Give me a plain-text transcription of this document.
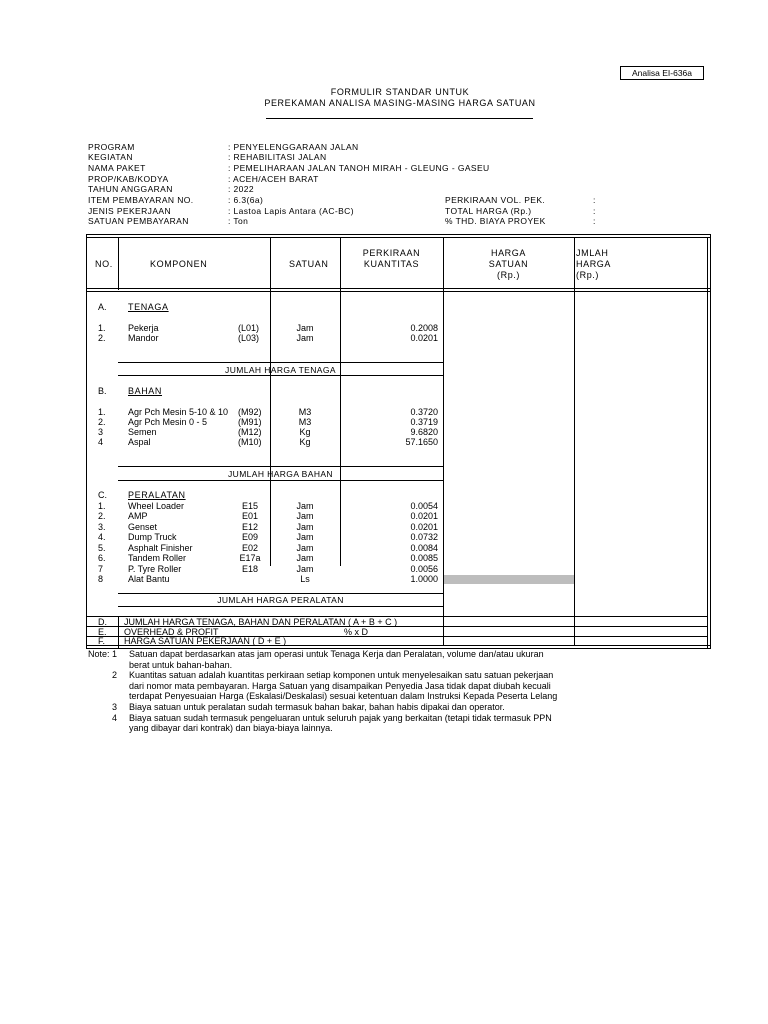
Analisa EI-636a
FORMULIR STANDAR UNTUK
PEREKAMAN ANALISA MASING-MASING HARGA SATUAN
PROGRAM	: PENYELENGGARAAN JALAN
KEGIATAN	: REHABILITASI JALAN
NAMA PAKET	: PEMELIHARAAN JALAN TANOH MIRAH - GLEUNG - GASEU
PROP/KAB/KODYA	: ACEH/ACEH BARAT
TAHUN ANGGARAN	: 2022
ITEM PEMBAYARAN NO.	: 6.3(6a)
JENIS PEKERJAAN	: Lastoa Lapis Antara (AC-BC)
SATUAN PEMBAYARAN	: Ton
PERKIRAAN VOL. PEK.	:
TOTAL HARGA (Rp.)	:
% THD. BIAYA PROYEK	:
NO.	KOMPONEN	SATUAN
PERKIRAAN
KUANTITAS
HARGA
SATUAN
(Rp.)
JMLAH
HARGA
(Rp.)
A. TENAGA
1. Pekerja	(L01)	Jam	0.2008
2. Mandor	(L03)	Jam	0.0201
JUMLAH HARGA TENAGA
B. BAHAN
1. Agr Pch Mesin 5-10 & 10	(M92)	M3	0.3720
2. Agr Pch Mesin 0 - 5	(M91)	M3	0.3719
3	Semen	(M12)	Kg	9.6820
4	Aspal	(M10)	Kg	57.1650
JUMLAH HARGA BAHAN
C. PERALATAN
1. Wheel Loader	E15	Jam	0.0054
2. AMP	E01	Jam	0.0201
3. Genset	E12	Jam	0.0201
4. Dump Truck	E09	Jam	0.0732
5. Asphalt Finisher	E02	Jam	0.0084
6. Tandem Roller	E17a	Jam	0.0085
7	P. Tyre Roller	E18	Jam	0.0056
8	Alat Bantu	Ls	1.0000
JUMLAH HARGA PERALATAN
D. JUMLAH HARGA TENAGA, BAHAN DAN PERALATAN ( A + B + C )
E. OVERHEAD & PROFIT	% x D
F. HARGA SATUAN PEKERJAAN ( D + E )
Note: 1 Satuan dapat berdasarkan atas jam operasi untuk Tenaga Kerja dan Peralatan, volume dan/atau ukuran
berat untuk bahan-bahan.
2 Kuantitas satuan adalah kuantitas perkiraan setiap komponen untuk menyelesaikan satu satuan pekerjaan
dari nomor mata pembayaran. Harga Satuan yang disampaikan Penyedia Jasa tidak dapat diubah kecuali
terdapat Penyesuaian Harga (Eskalasi/Deskalasi) sesuai ketentuan dalam Instruksi Kepada Peserta Lelang
3 Biaya satuan untuk peralatan sudah termasuk bahan bakar, bahan habis dipakai dan operator.
4 Biaya satuan sudah termasuk pengeluaran untuk seluruh pajak yang berkaitan (tetapi tidak termasuk PPN
yang dibayar dari kontrak) dan biaya-biaya lainnya.
